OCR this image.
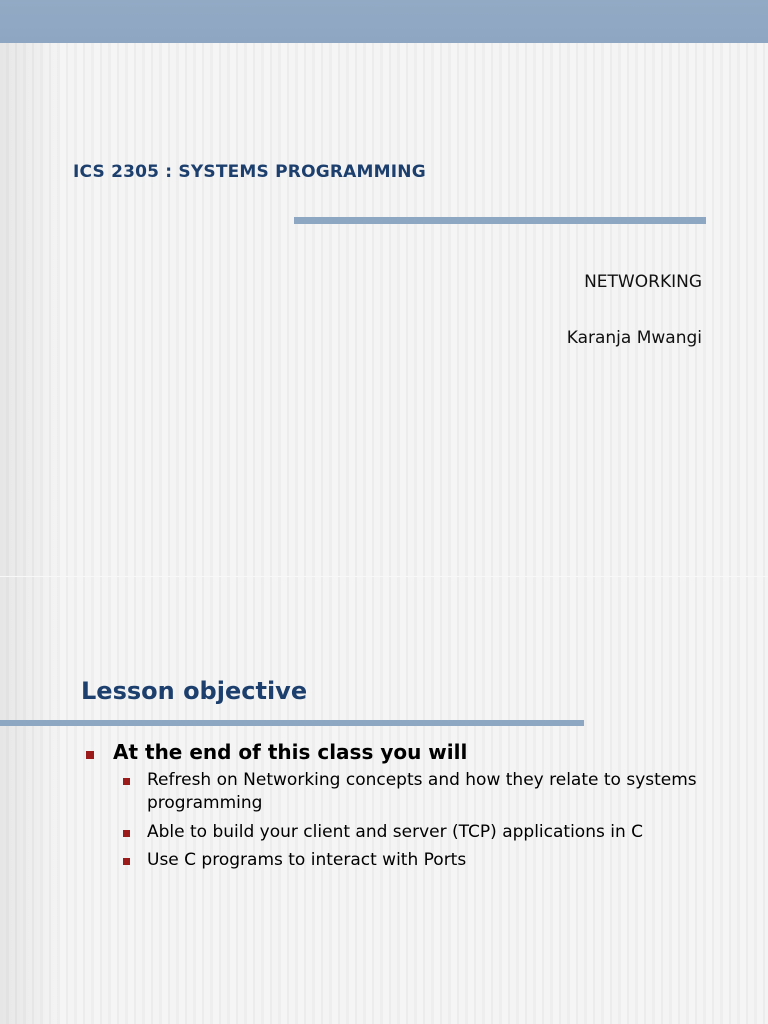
ICS 2305 : SYSTEMS PROGRAMMING
NETWORKING
Karanja Mwangi
Lesson objective
At the end of this class you will
Refresh on Networking concepts and how they relate to systems programming
Able to build your client and server (TCP) applications in C
Use C programs to interact with Ports
